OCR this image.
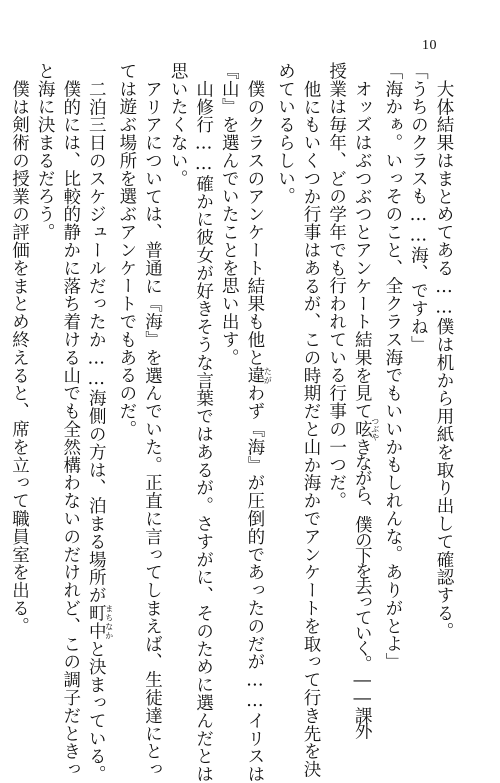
10
大体結果はまとめてある……僕は机から用紙を取り出して確認する。
「うちのクラスも……海、ですね」
「海かぁ。いっそのこと、全クラス海でもいいかもしれんな。ありがとよ」
オッズはぶつぶつとアンケート結果を見て呟つぶやきながら、僕の下を去っていく。――課外
授業は毎年、どの学年でも行われている行事の一つだ。
他にもいくつか行事はあるが、この時期だと山か海かでアンケートを取って行き先を決
めているらしい。
僕のクラスのアンケート結果も他と違たがわず『海』が圧倒的であったのだが……イリスは
『山』を選んでいたことを思い出す。
山修行……確かに彼女が好きそうな言葉ではあるが。さすがに、そのために選んだとは
思いたくない。
アリアについては、普通に『海』を選んでいた。正直に言ってしまえば、生徒達にとっ
ては遊ぶ場所を選ぶアンケートでもあるのだ。
二泊三日のスケジュールだったか……海側の方は、泊まる場所が町中まちなかと決まっている。
僕的には、比較的静かに落ち着ける山でも全然構わないのだけれど、この調子だときっ
と海に決まるだろう。
僕は剣術の授業の評価をまとめ終えると、席を立って職員室を出る。
